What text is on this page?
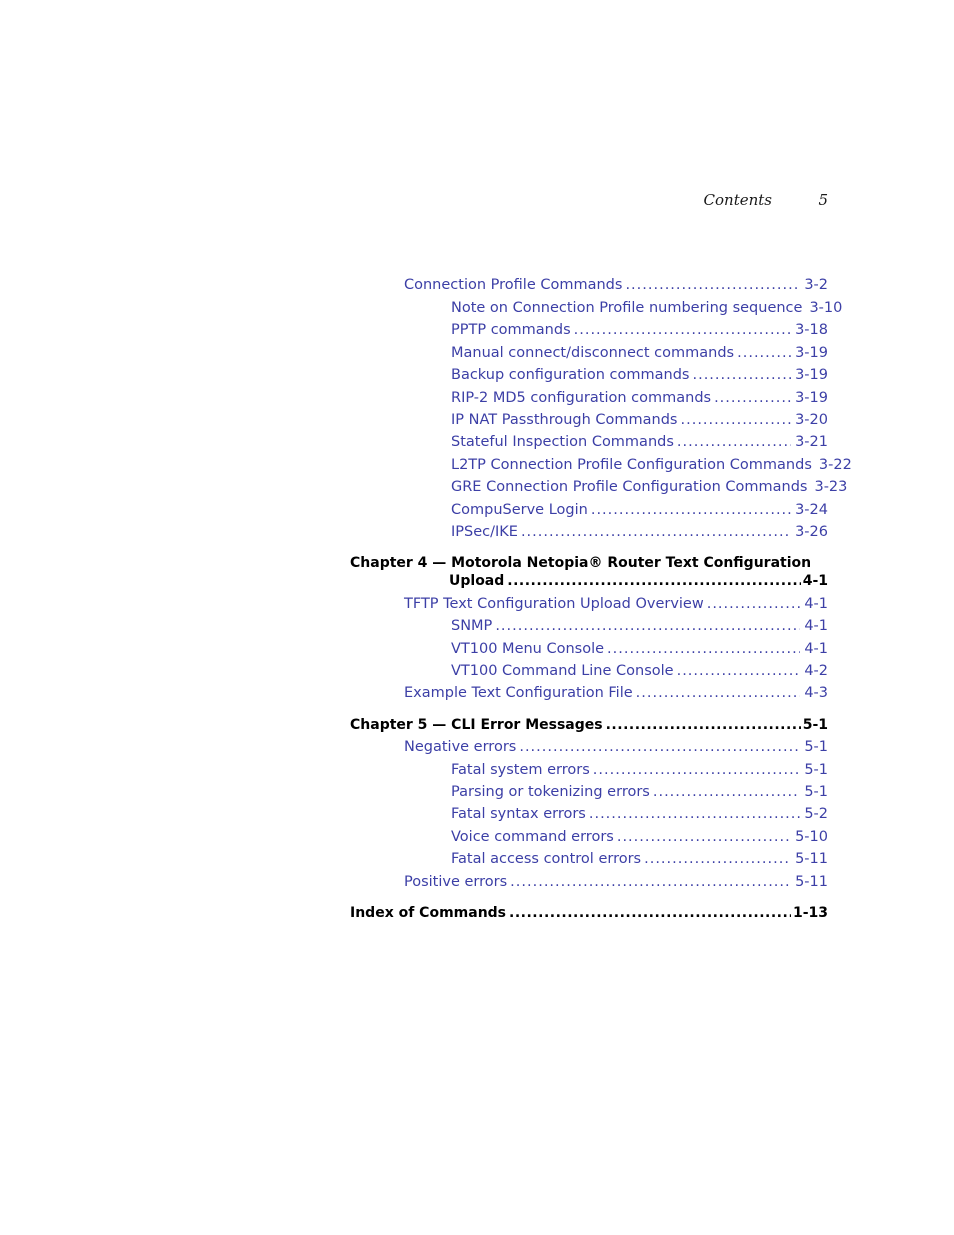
Contents	5
Connection Profile Commands .....	3-2
Note on Connection Profile numbering sequence 3-10
PPTP commands .....	3-18
Manual connect/disconnect commands .....	3-19
Backup configuration commands .....	3-19
RIP-2 MD5 configuration commands .....	3-19
IP NAT Passthrough Commands .....	3-20
Stateful Inspection Commands .....	3-21
L2TP Connection Profile Configuration Commands 3-22
GRE Connection Profile Configuration Commands 3-23
CompuServe Login .....	3-24
IPSec/IKE .....	3-26
Chapter 4 — Motorola Netopia® Router Text Configuration
Upload .....	4-1
TFTP Text Configuration Upload Overview .....	4-1
SNMP .....	4-1
VT100 Menu Console .....	4-1
VT100 Command Line Console .....	4-2
Example Text Configuration File .....	4-3
Chapter 5 — CLI Error Messages .....	5-1
Negative errors .....	5-1
Fatal system errors .....	5-1
Parsing or tokenizing errors .....	5-1
Fatal syntax errors .....	5-2
Voice command errors .....	5-10
Fatal access control errors .....	5-11
Positive errors .....	5-11
Index of Commands .....	1-13
